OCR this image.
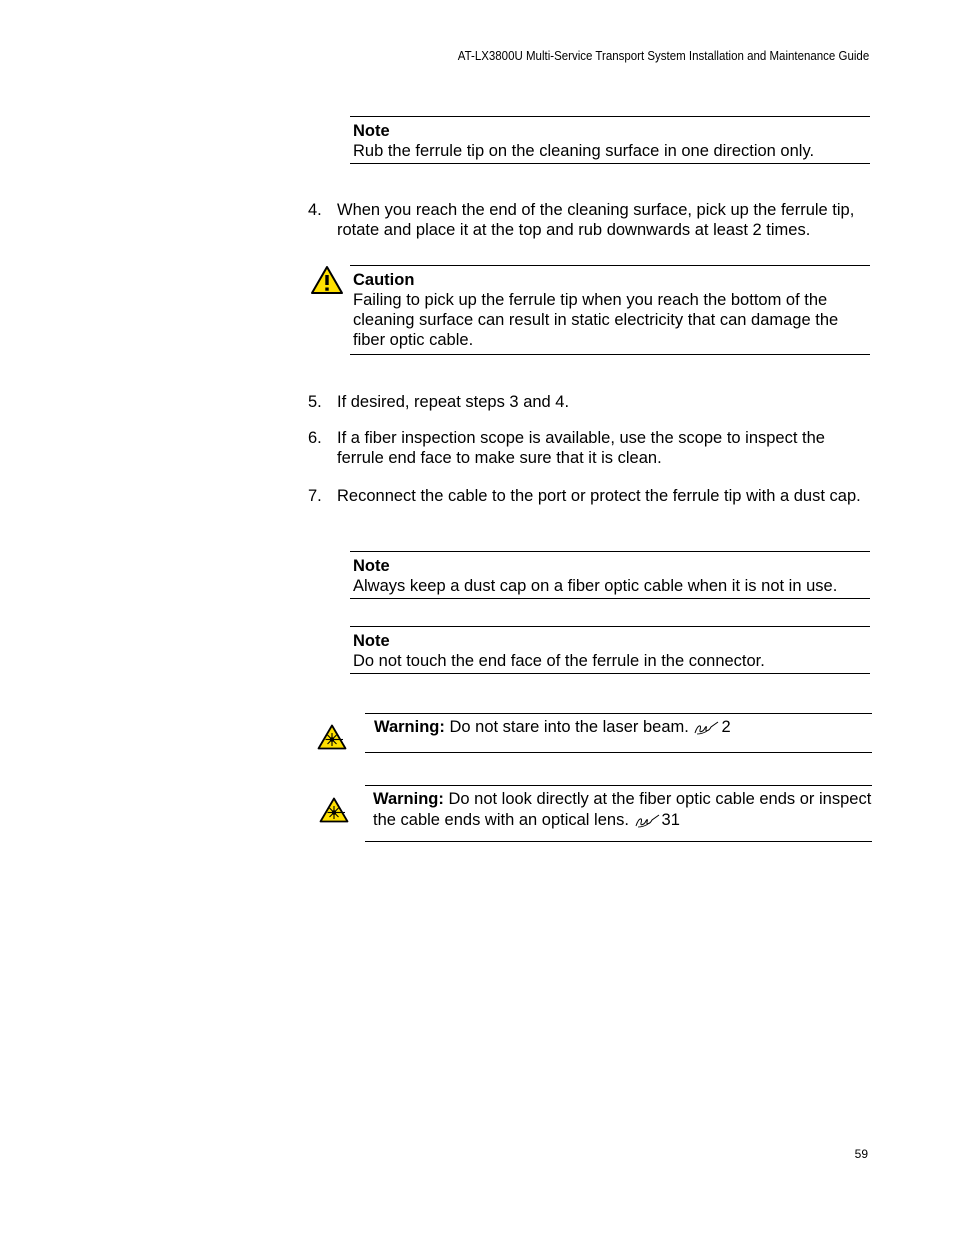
AT-LX3800U Multi-Service Transport System Installation and Maintenance Guide
Note
Rub the ferrule tip on the cleaning surface in one direction only.
4. When you reach the end of the cleaning surface, pick up the ferrule tip, rotate and place it at the top and rub downwards at least 2 times.
Caution
Failing to pick up the ferrule tip when you reach the bottom of the cleaning surface can result in static electricity that can damage the fiber optic cable.
5. If desired, repeat steps 3 and 4.
6. If a fiber inspection scope is available, use the scope to inspect the ferrule end face to make sure that it is clean.
7. Reconnect the cable to the port or protect the ferrule tip with a dust cap.
Note
Always keep a dust cap on a fiber optic cable when it is not in use.
Note
Do not touch the end face of the ferrule in the connector.
Warning: Do not stare into the laser beam. 2
Warning: Do not look directly at the fiber optic cable ends or inspect the cable ends with an optical lens. 31
59
